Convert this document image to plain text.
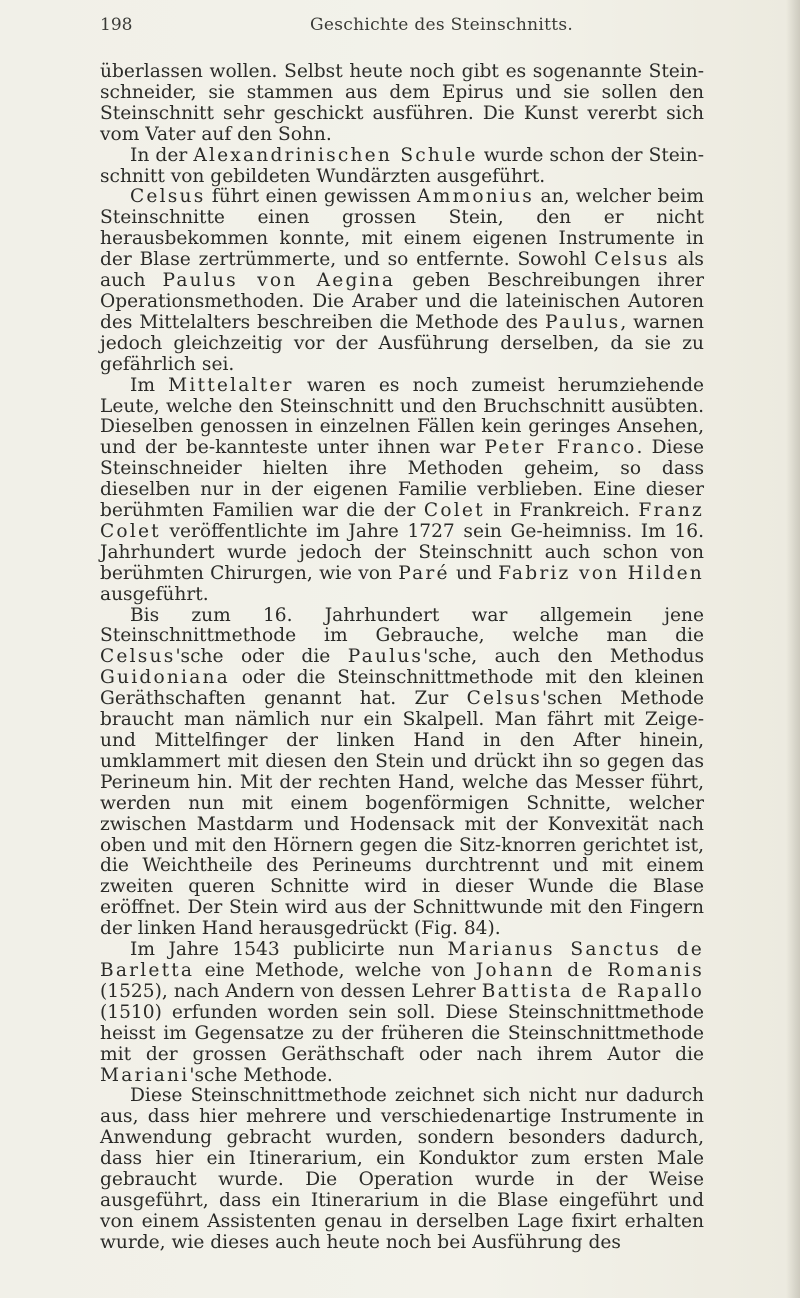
198	Geschichte des Steinschnitts.

überlassen wollen. Selbst heute noch gibt es sogenannte Stein-schneider, sie stammen aus dem Epirus und sie sollen den Steinschnitt sehr geschickt ausführen. Die Kunst vererbt sich vom Vater auf den Sohn.

In der Alexandrinischen Schule wurde schon der Stein-schnitt von gebildeten Wundärzten ausgeführt.

Celsus führt einen gewissen Ammonius an, welcher beim Steinschnitte einen grossen Stein, den er nicht herausbekommen konnte, mit einem eigenen Instrumente in der Blase zertrümmerte, und so entfernte. Sowohl Celsus als auch Paulus von Aegina geben Beschreibungen ihrer Operationsmethoden. Die Araber und die lateinischen Autoren des Mittelalters beschreiben die Methode des Paulus, warnen jedoch gleichzeitig vor der Ausführung derselben, da sie zu gefährlich sei.

Im Mittelalter waren es noch zumeist herumziehende Leute, welche den Steinschnitt und den Bruchschnitt ausübten. Dieselben genossen in einzelnen Fällen kein geringes Ansehen, und der be-kannteste unter ihnen war Peter Franco. Diese Steinschneider hielten ihre Methoden geheim, so dass dieselben nur in der eigenen Familie verblieben. Eine dieser berühmten Familien war die der Colet in Frankreich. Franz Colet veröffentlichte im Jahre 1727 sein Ge-heimniss. Im 16. Jahrhundert wurde jedoch der Steinschnitt auch schon von berühmten Chirurgen, wie von Paré und Fabriz von Hilden ausgeführt.

Bis zum 16. Jahrhundert war allgemein jene Steinschnittmethode im Gebrauche, welche man die Celsus'sche oder die Paulus'sche, auch den Methodus Guidoniana oder die Steinschnittmethode mit den kleinen Geräthschaften genannt hat. Zur Celsus'schen Methode braucht man nämlich nur ein Skalpell. Man fährt mit Zeige- und Mittelfinger der linken Hand in den After hinein, umklammert mit diesen den Stein und drückt ihn so gegen das Perineum hin. Mit der rechten Hand, welche das Messer führt, werden nun mit einem bogenförmigen Schnitte, welcher zwischen Mastdarm und Hodensack mit der Konvexität nach oben und mit den Hörnern gegen die Sitz-knorren gerichtet ist, die Weichtheile des Perineums durchtrennt und mit einem zweiten queren Schnitte wird in dieser Wunde die Blase eröffnet. Der Stein wird aus der Schnittwunde mit den Fingern der linken Hand herausgedrückt (Fig. 84).

Im Jahre 1543 publicirte nun Marianus Sanctus de Barletta eine Methode, welche von Johann de Romanis (1525), nach Andern von dessen Lehrer Battista de Rapallo (1510) erfunden worden sein soll. Diese Steinschnittmethode heisst im Gegensatze zu der früheren die Steinschnittmethode mit der grossen Geräthschaft oder nach ihrem Autor die Mariani'sche Methode.

Diese Steinschnittmethode zeichnet sich nicht nur dadurch aus, dass hier mehrere und verschiedenartige Instrumente in Anwendung gebracht wurden, sondern besonders dadurch, dass hier ein Itinerarium, ein Konduktor zum ersten Male gebraucht wurde. Die Operation wurde in der Weise ausgeführt, dass ein Itinerarium in die Blase eingeführt und von einem Assistenten genau in derselben Lage fixirt erhalten wurde, wie dieses auch heute noch bei Ausführung des
